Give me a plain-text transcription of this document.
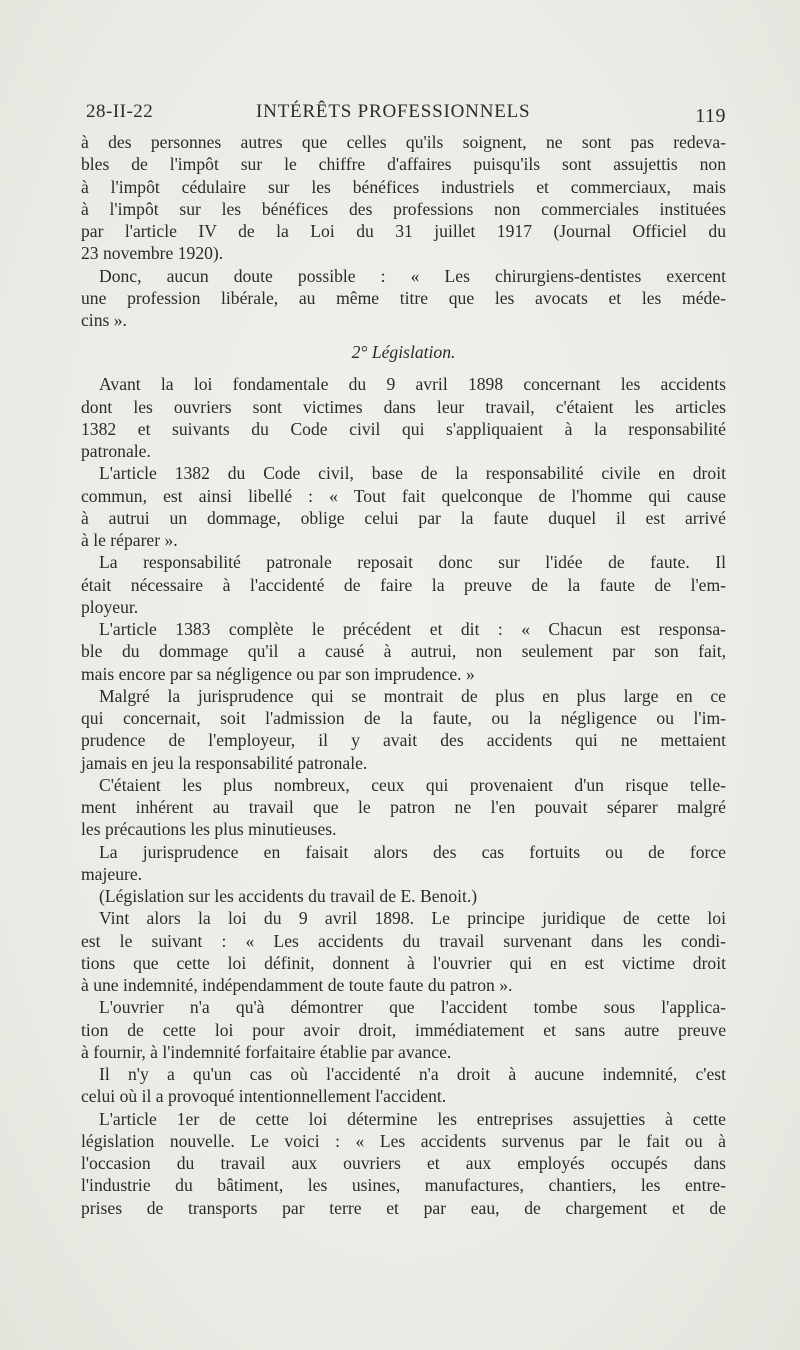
28-II-22	INTÉRÊTS PROFESSIONNELS	119
à des personnes autres que celles qu'ils soignent, ne sont pas redeva-
bles de l'impôt sur le chiffre d'affaires puisqu'ils sont assujettis non
à l'impôt cédulaire sur les bénéfices industriels et commerciaux, mais
à l'impôt sur les bénéfices des professions non commerciales instituées
par l'article IV de la Loi du 31 juillet 1917 (Journal Officiel du
23 novembre 1920).
Donc, aucun doute possible : « Les chirurgiens-dentistes exercent
une profession libérale, au même titre que les avocats et les méde-
cins ».
2° Législation.
Avant la loi fondamentale du 9 avril 1898 concernant les accidents
dont les ouvriers sont victimes dans leur travail, c'étaient les articles
1382 et suivants du Code civil qui s'appliquaient à la responsabilité
patronale.
L'article 1382 du Code civil, base de la responsabilité civile en droit
commun, est ainsi libellé : « Tout fait quelconque de l'homme qui cause
à autrui un dommage, oblige celui par la faute duquel il est arrivé
à le réparer ».
La responsabilité patronale reposait donc sur l'idée de faute. Il
était nécessaire à l'accidenté de faire la preuve de la faute de l'em-
ployeur.
L'article 1383 complète le précédent et dit : « Chacun est responsa-
ble du dommage qu'il a causé à autrui, non seulement par son fait,
mais encore par sa négligence ou par son imprudence. »
Malgré la jurisprudence qui se montrait de plus en plus large en ce
qui concernait, soit l'admission de la faute, ou la négligence ou l'im-
prudence de l'employeur, il y avait des accidents qui ne mettaient
jamais en jeu la responsabilité patronale.
C'étaient les plus nombreux, ceux qui provenaient d'un risque telle-
ment inhérent au travail que le patron ne l'en pouvait séparer malgré
les précautions les plus minutieuses.
La jurisprudence en faisait alors des cas fortuits ou de force
majeure.
(Législation sur les accidents du travail de E. Benoit.)
Vint alors la loi du 9 avril 1898. Le principe juridique de cette loi
est le suivant : « Les accidents du travail survenant dans les condi-
tions que cette loi définit, donnent à l'ouvrier qui en est victime droit
à une indemnité, indépendamment de toute faute du patron ».
L'ouvrier n'a qu'à démontrer que l'accident tombe sous l'applica-
tion de cette loi pour avoir droit, immédiatement et sans autre preuve
à fournir, à l'indemnité forfaitaire établie par avance.
Il n'y a qu'un cas où l'accidenté n'a droit à aucune indemnité, c'est
celui où il a provoqué intentionnellement l'accident.
L'article 1er de cette loi détermine les entreprises assujetties à cette
législation nouvelle. Le voici : « Les accidents survenus par le fait ou à
l'occasion du travail aux ouvriers et aux employés occupés dans
l'industrie du bâtiment, les usines, manufactures, chantiers, les entre-
prises de transports par terre et par eau, de chargement et de
